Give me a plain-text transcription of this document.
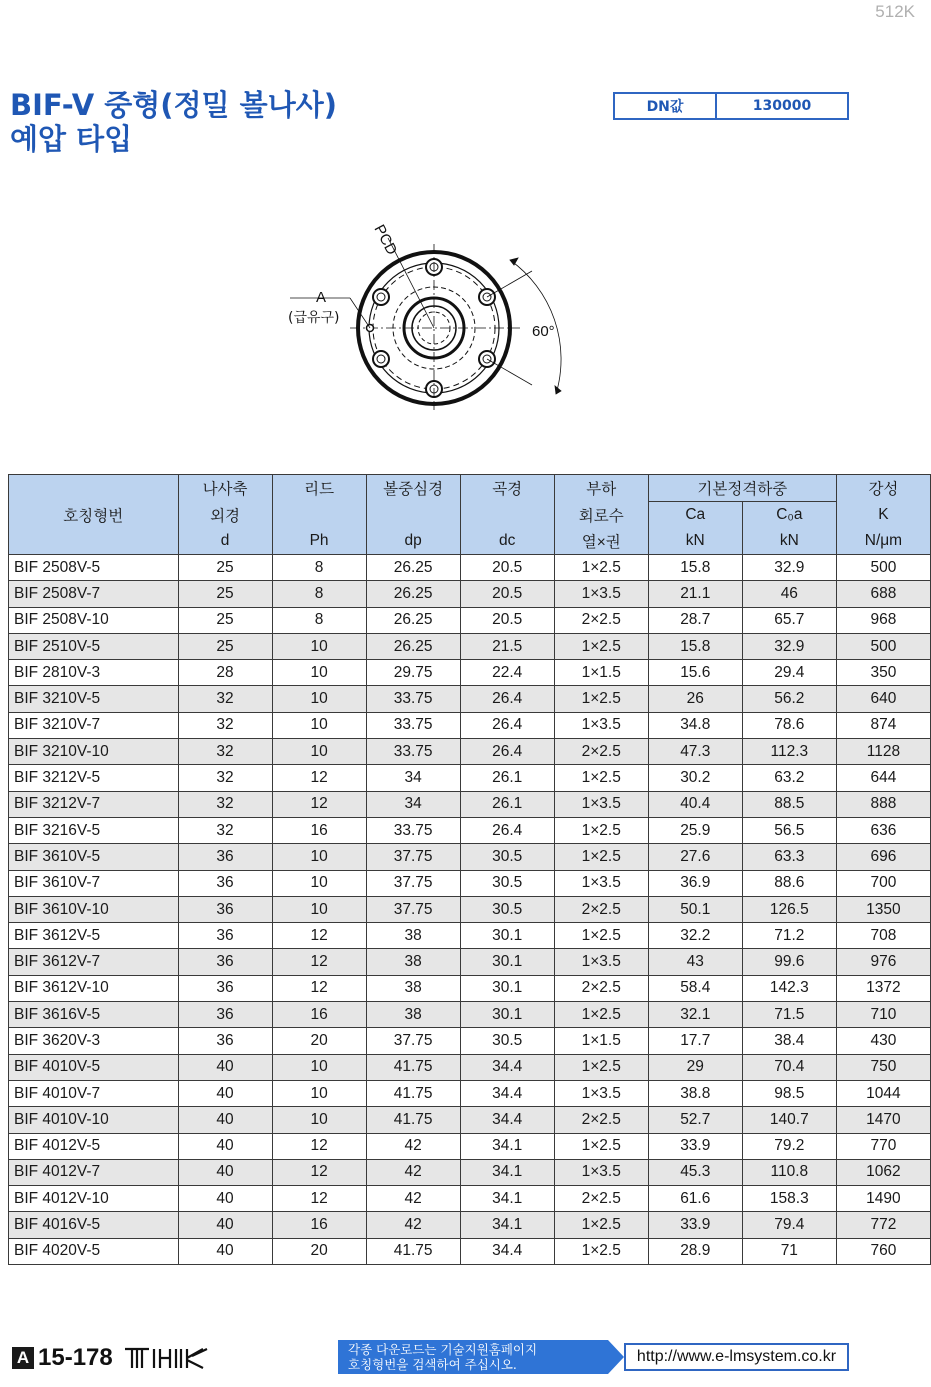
512K
BIF-V 중형(정밀 볼나사)
예압 타입
DN값	130000
PCD
A
(급유구)
60°
	나사축	리드	볼중심경	곡경	부하	기본정격하중		강성
호칭형번	외경				회로수	Ca	C₀a	K
	d	Ph	dp	dc	열×권	kN	kN	N/μm
BIF 2508V-5	25	8	26.25	20.5	1×2.5	15.8	32.9	500
BIF 2508V-7	25	8	26.25	20.5	1×3.5	21.1	46	688
BIF 2508V-10	25	8	26.25	20.5	2×2.5	28.7	65.7	968
BIF 2510V-5	25	10	26.25	21.5	1×2.5	15.8	32.9	500
BIF 2810V-3	28	10	29.75	22.4	1×1.5	15.6	29.4	350
BIF 3210V-5	32	10	33.75	26.4	1×2.5	26	56.2	640
BIF 3210V-7	32	10	33.75	26.4	1×3.5	34.8	78.6	874
BIF 3210V-10	32	10	33.75	26.4	2×2.5	47.3	112.3	1128
BIF 3212V-5	32	12	34	26.1	1×2.5	30.2	63.2	644
BIF 3212V-7	32	12	34	26.1	1×3.5	40.4	88.5	888
BIF 3216V-5	32	16	33.75	26.4	1×2.5	25.9	56.5	636
BIF 3610V-5	36	10	37.75	30.5	1×2.5	27.6	63.3	696
BIF 3610V-7	36	10	37.75	30.5	1×3.5	36.9	88.6	700
BIF 3610V-10	36	10	37.75	30.5	2×2.5	50.1	126.5	1350
BIF 3612V-5	36	12	38	30.1	1×2.5	32.2	71.2	708
BIF 3612V-7	36	12	38	30.1	1×3.5	43	99.6	976
BIF 3612V-10	36	12	38	30.1	2×2.5	58.4	142.3	1372
BIF 3616V-5	36	16	38	30.1	1×2.5	32.1	71.5	710
BIF 3620V-3	36	20	37.75	30.5	1×1.5	17.7	38.4	430
BIF 4010V-5	40	10	41.75	34.4	1×2.5	29	70.4	750
BIF 4010V-7	40	10	41.75	34.4	1×3.5	38.8	98.5	1044
BIF 4010V-10	40	10	41.75	34.4	2×2.5	52.7	140.7	1470
BIF 4012V-5	40	12	42	34.1	1×2.5	33.9	79.2	770
BIF 4012V-7	40	12	42	34.1	1×3.5	45.3	110.8	1062
BIF 4012V-10	40	12	42	34.1	2×2.5	61.6	158.3	1490
BIF 4016V-5	40	16	42	34.1	1×2.5	33.9	79.4	772
BIF 4020V-5	40	20	41.75	34.4	1×2.5	28.9	71	760
A 15-178	각종 다운로드는 기술지원홈페이지
호칭형번을 검색하여 주십시오.	http://www.e-lmsystem.co.kr
